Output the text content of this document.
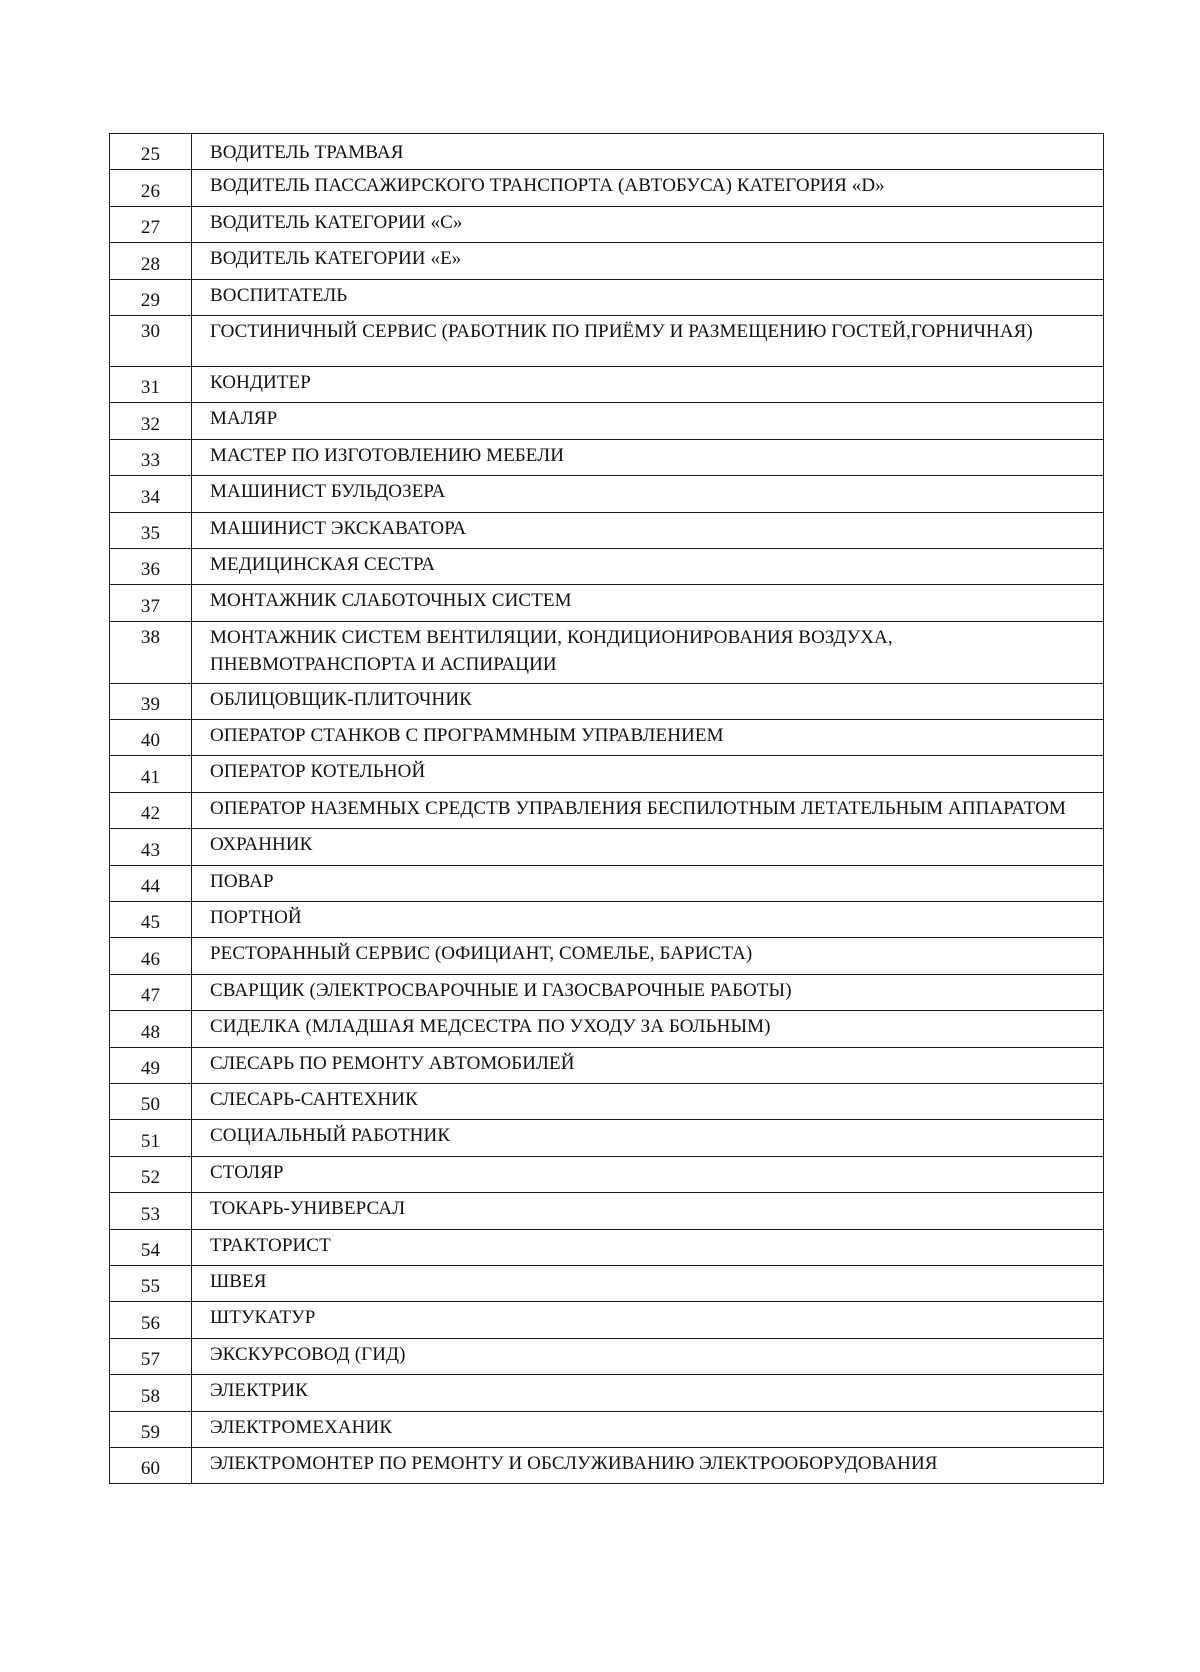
25	ВОДИТЕЛЬ ТРАМВАЯ
26	ВОДИТЕЛЬ ПАССАЖИРСКОГО ТРАНСПОРТА (АВТОБУСА) КАТЕГОРИЯ «D»
27	ВОДИТЕЛЬ КАТЕГОРИИ «С»
28	ВОДИТЕЛЬ КАТЕГОРИИ «Е»
29	ВОСПИТАТЕЛЬ
30	ГОСТИНИЧНЫЙ СЕРВИС (РАБОТНИК ПО ПРИЁМУ И РАЗМЕЩЕНИЮ ГОСТЕЙ,ГОРНИЧНАЯ)
31	КОНДИТЕР
32	МАЛЯР
33	МАСТЕР ПО ИЗГОТОВЛЕНИЮ МЕБЕЛИ
34	МАШИНИСТ БУЛЬДОЗЕРА
35	МАШИНИСТ ЭКСКАВАТОРА
36	МЕДИЦИНСКАЯ СЕСТРА
37	МОНТАЖНИК СЛАБОТОЧНЫХ СИСТЕМ
38	МОНТАЖНИК СИСТЕМ ВЕНТИЛЯЦИИ, КОНДИЦИОНИРОВАНИЯ ВОЗДУХА, ПНЕВМОТРАНСПОРТА И АСПИРАЦИИ
39	ОБЛИЦОВЩИК-ПЛИТОЧНИК
40	ОПЕРАТОР СТАНКОВ С ПРОГРАММНЫМ УПРАВЛЕНИЕМ
41	ОПЕРАТОР КОТЕЛЬНОЙ
42	ОПЕРАТОР НАЗЕМНЫХ СРЕДСТВ УПРАВЛЕНИЯ БЕСПИЛОТНЫМ ЛЕТАТЕЛЬНЫМ АППАРАТОМ
43	ОХРАННИК
44	ПОВАР
45	ПОРТНОЙ
46	РЕСТОРАННЫЙ СЕРВИС (ОФИЦИАНТ, СОМЕЛЬЕ, БАРИСТА)
47	СВАРЩИК (ЭЛЕКТРОСВАРОЧНЫЕ И ГАЗОСВАРОЧНЫЕ РАБОТЫ)
48	СИДЕЛКА (МЛАДШАЯ МЕДСЕСТРА ПО УХОДУ ЗА БОЛЬНЫМ)
49	СЛЕСАРЬ ПО РЕМОНТУ АВТОМОБИЛЕЙ
50	СЛЕСАРЬ-САНТЕХНИК
51	СОЦИАЛЬНЫЙ РАБОТНИК
52	СТОЛЯР
53	ТОКАРЬ-УНИВЕРСАЛ
54	ТРАКТОРИСТ
55	ШВЕЯ
56	ШТУКАТУР
57	ЭКСКУРСОВОД (ГИД)
58	ЭЛЕКТРИК
59	ЭЛЕКТРОМЕХАНИК
60	ЭЛЕКТРОМОНТЕР ПО РЕМОНТУ И ОБСЛУЖИВАНИЮ ЭЛЕКТРООБОРУДОВАНИЯ
